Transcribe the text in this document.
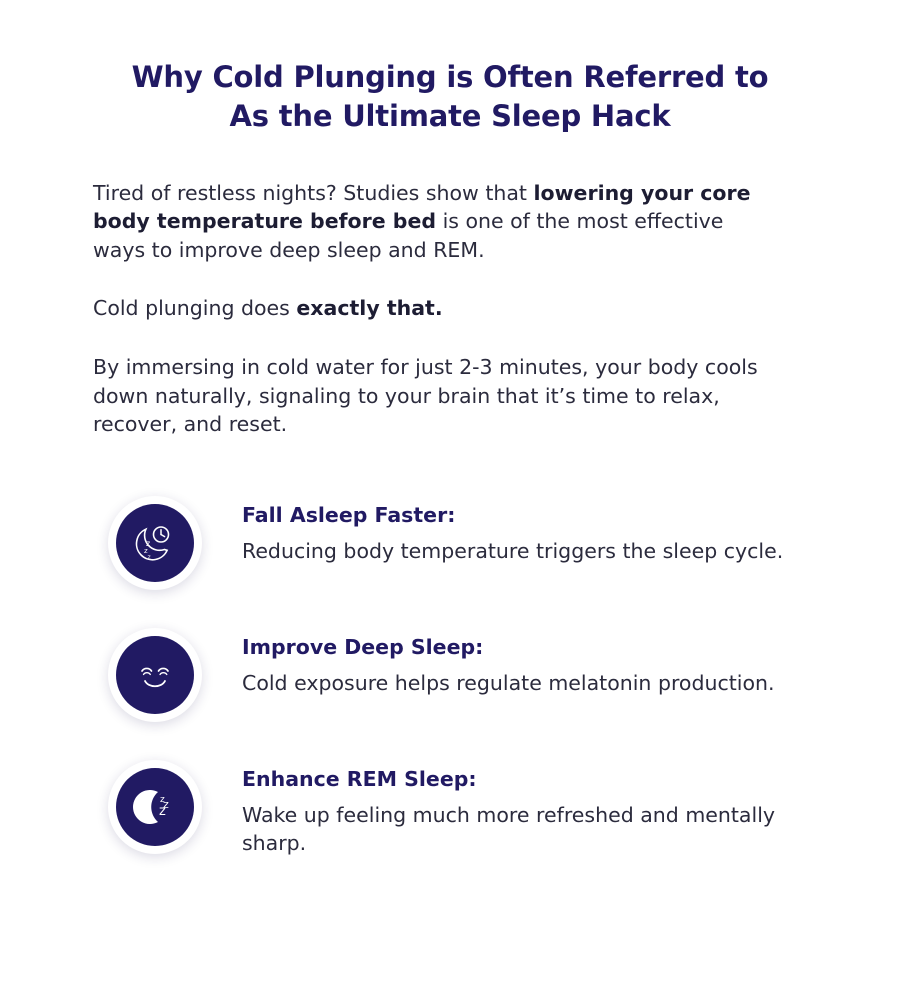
Why Cold Plunging is Often Referred to As the Ultimate Sleep Hack

Tired of restless nights? Studies show that lowering your core body temperature before bed is one of the most effective ways to improve deep sleep and REM.

Cold plunging does exactly that.

By immersing in cold water for just 2-3 minutes, your body cools down naturally, signaling to your brain that it’s time to relax, recover, and reset.

z
z
z

Fall Asleep Faster:

Reducing body temperature triggers the sleep cycle.

Improve Deep Sleep:

Cold exposure helps regulate melatonin production.

z
z
z

Enhance REM Sleep:

Wake up feeling much more refreshed and mentally sharp.
